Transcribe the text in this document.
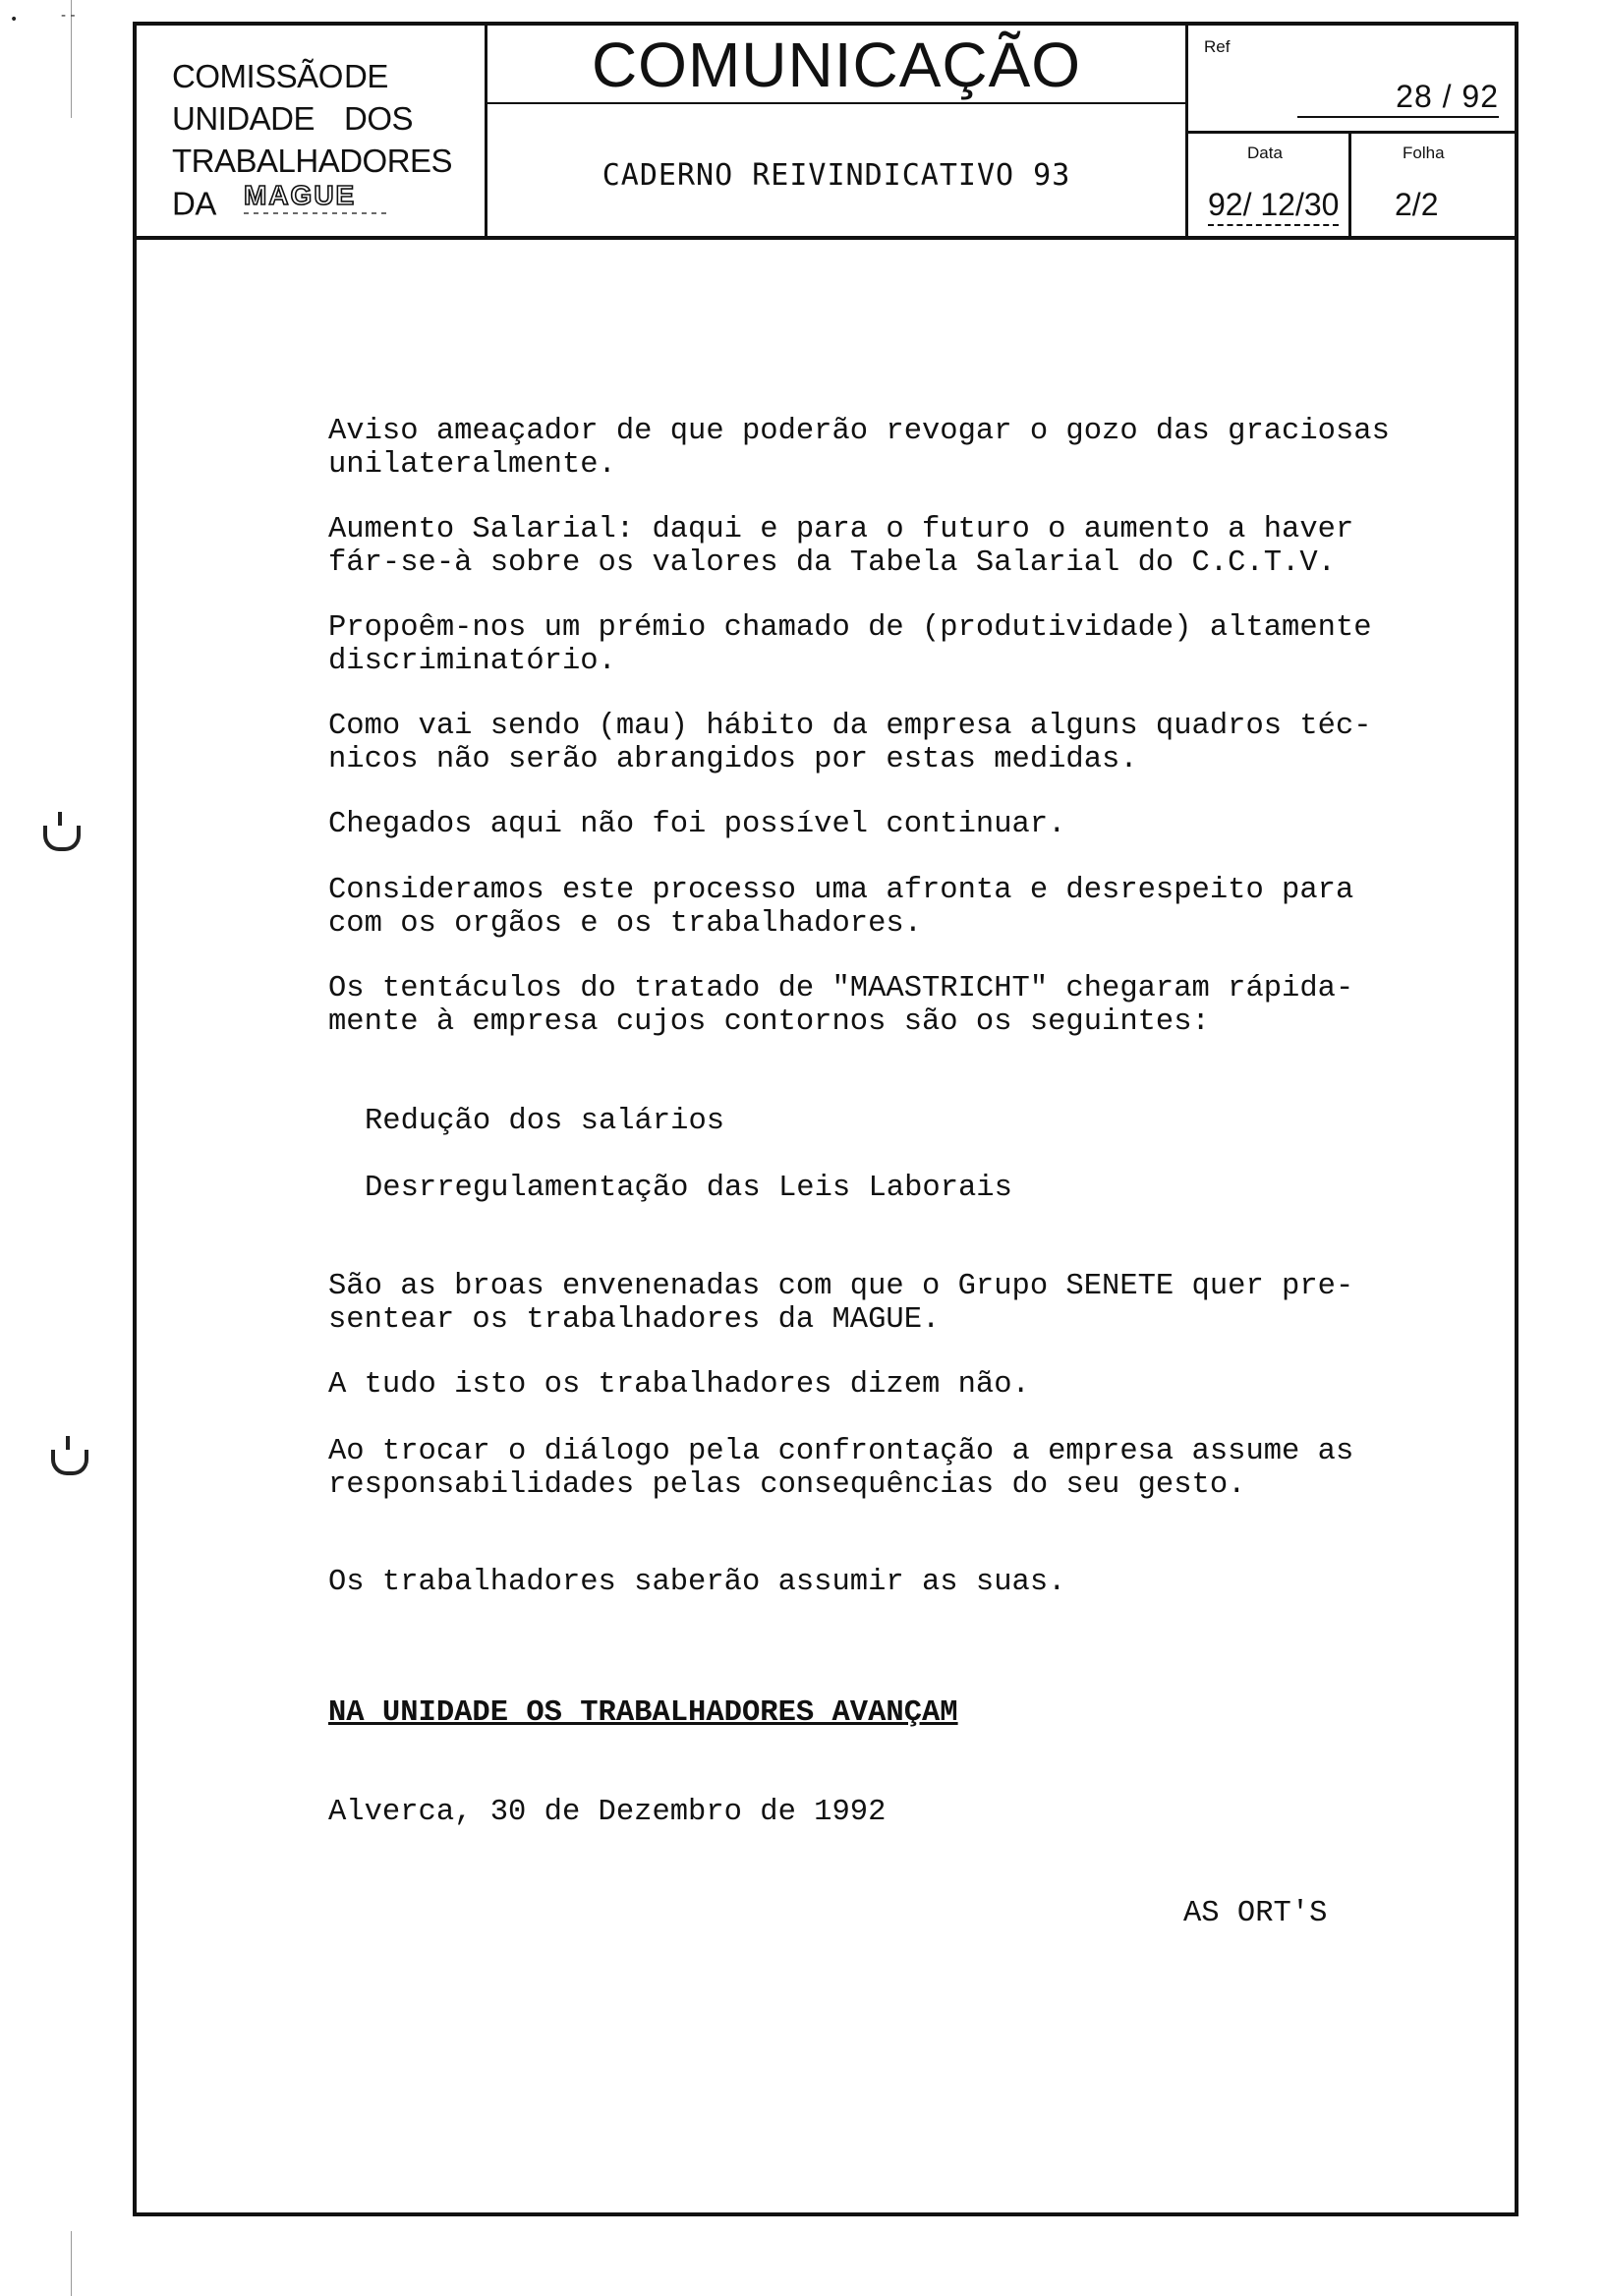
•	- -
COMISSÃODE
UNIDADE DOS
TRABALHADORES
DA MAGUE
COMUNICAÇÃO
CADERNO REIVINDICATIVO 93
Ref
28 / 92
Data
92/ 12/30
Folha
2/2

Aviso ameaçador de que poderão revogar o gozo das graciosas
unilateralmente.

Aumento Salarial: daqui e para o futuro o aumento a haver
fár-se-à sobre os valores da Tabela Salarial do C.C.T.V.

Propoêm-nos um prémio chamado de (produtividade) altamente
discriminatório.

Como vai sendo (mau) hábito da empresa alguns quadros téc-
nicos não serão abrangidos por estas medidas.

Chegados aqui não foi possível continuar.

Consideramos este processo uma afronta e desrespeito para
com os orgãos e os trabalhadores.

Os tentáculos do tratado de "MAASTRICHT" chegaram rápida-
mente à empresa cujos contornos são os seguintes:

Redução dos salários

Desrregulamentação das Leis Laborais

São as broas envenenadas com que o Grupo SENETE quer pre-
sentear os trabalhadores da MAGUE.

A tudo isto os trabalhadores dizem não.

Ao trocar o diálogo pela confrontação a empresa assume as
responsabilidades pelas consequências do seu gesto.

Os trabalhadores saberão assumir as suas.

NA UNIDADE OS TRABALHADORES AVANÇAM

Alverca, 30 de Dezembro de 1992

AS ORT'S
